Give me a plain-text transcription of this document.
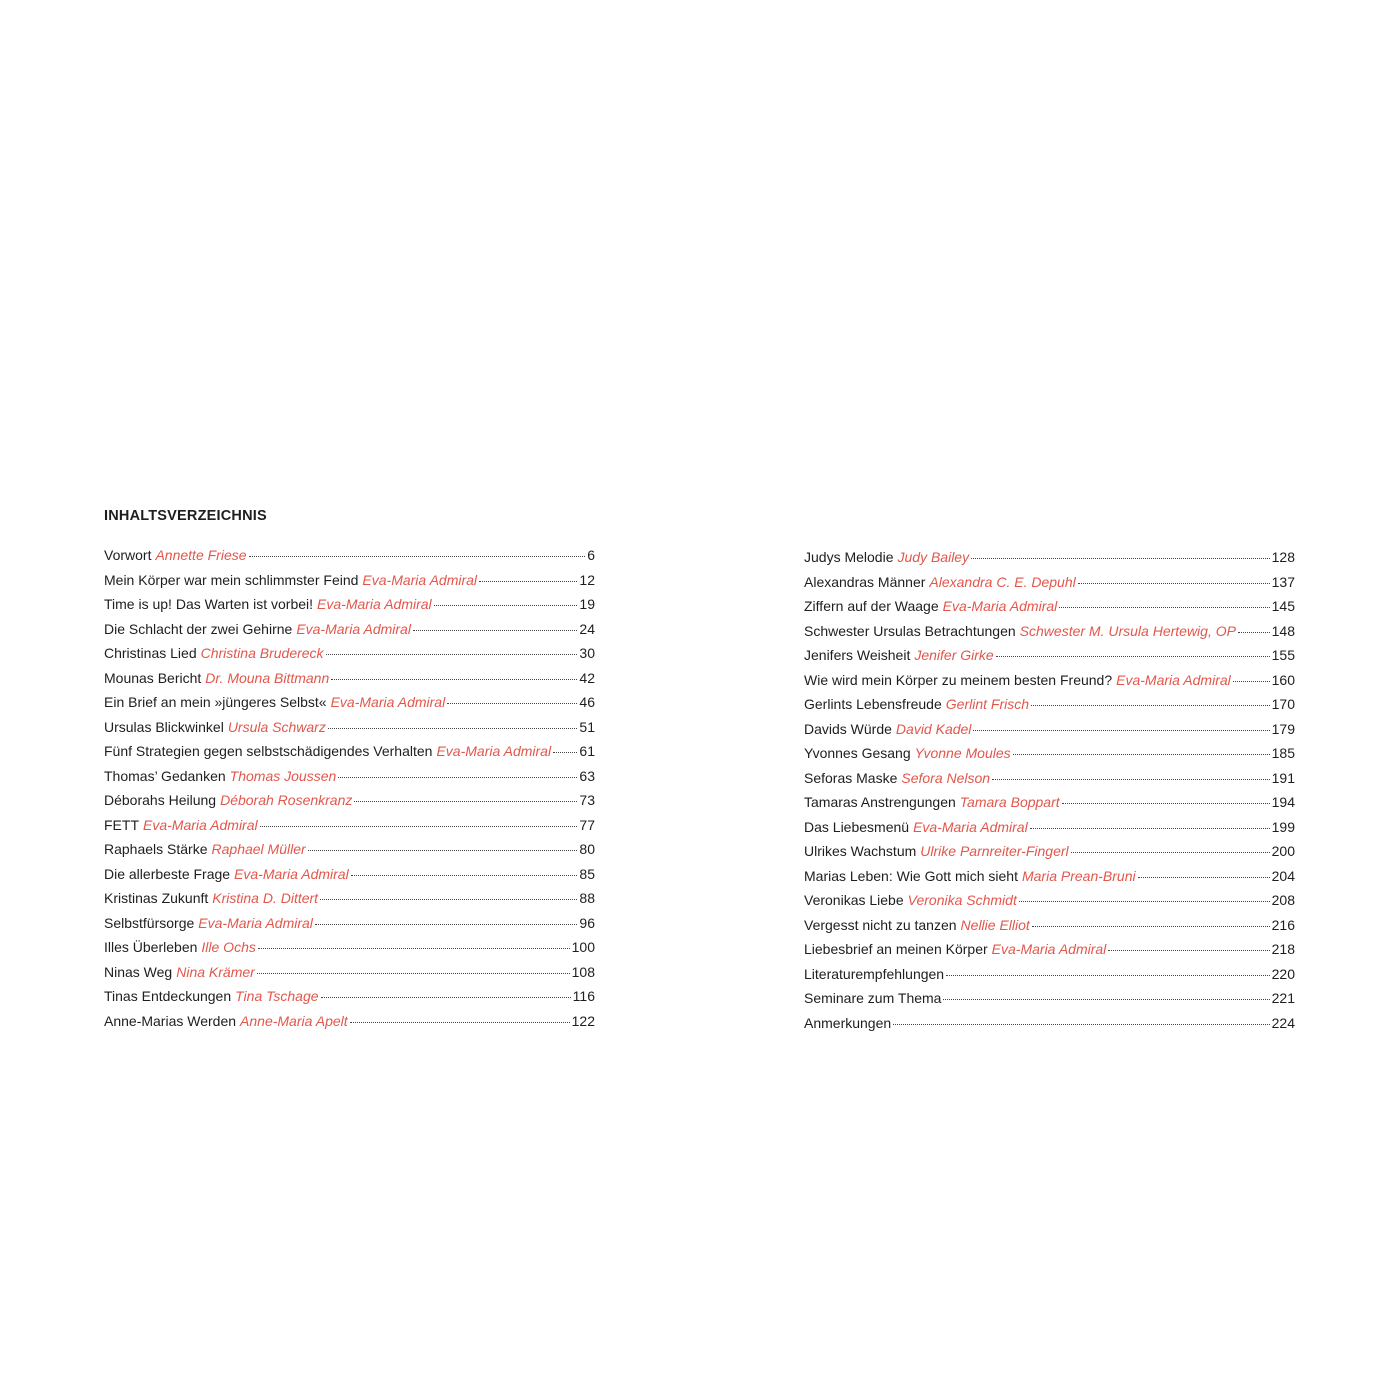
INHALTSVERZEICHNIS
Vorwort Annette Friese	6
Mein Körper war mein schlimmster Feind Eva-Maria Admiral	12
Time is up! Das Warten ist vorbei! Eva-Maria Admiral	19
Die Schlacht der zwei Gehirne Eva-Maria Admiral	24
Christinas Lied Christina Brudereck	30
Mounas Bericht Dr. Mouna Bittmann	42
Ein Brief an mein »jüngeres Selbst« Eva-Maria Admiral	46
Ursulas Blickwinkel Ursula Schwarz	51
Fünf Strategien gegen selbstschädigendes Verhalten Eva-Maria Admiral 61
Thomas’ Gedanken Thomas Joussen	63
Déborahs Heilung Déborah Rosenkranz	73
FETT Eva-Maria Admiral	77
Raphaels Stärke Raphael Müller	80
Die allerbeste Frage Eva-Maria Admiral	85
Kristinas Zukunft Kristina D. Dittert	88
Selbstfürsorge Eva-Maria Admiral	96
Illes Überleben Ille Ochs	100
Ninas Weg Nina Krämer	108
Tinas Entdeckungen Tina Tschage	116
Anne-Marias Werden Anne-Maria Apelt	122
Judys Melodie Judy Bailey	128
Alexandras Männer Alexandra C. E. Depuhl	137
Ziffern auf der Waage Eva-Maria Admiral	145
Schwester Ursulas Betrachtungen Schwester M. Ursula Hertewig, OP	148
Jenifers Weisheit Jenifer Girke	155
Wie wird mein Körper zu meinem besten Freund? Eva-Maria Admiral	160
Gerlints Lebensfreude Gerlint Frisch	170
Davids Würde David Kadel	179
Yvonnes Gesang Yvonne Moules	185
Seforas Maske Sefora Nelson	191
Tamaras Anstrengungen Tamara Boppart	194
Das Liebesmenü Eva-Maria Admiral	199
Ulrikes Wachstum Ulrike Parnreiter-Fingerl	200
Marias Leben: Wie Gott mich sieht Maria Prean-Bruni	204
Veronikas Liebe Veronika Schmidt	208
Vergesst nicht zu tanzen Nellie Elliot	216
Liebesbrief an meinen Körper Eva-Maria Admiral	218
Literaturempfehlungen	220
Seminare zum Thema	221
Anmerkungen	224
